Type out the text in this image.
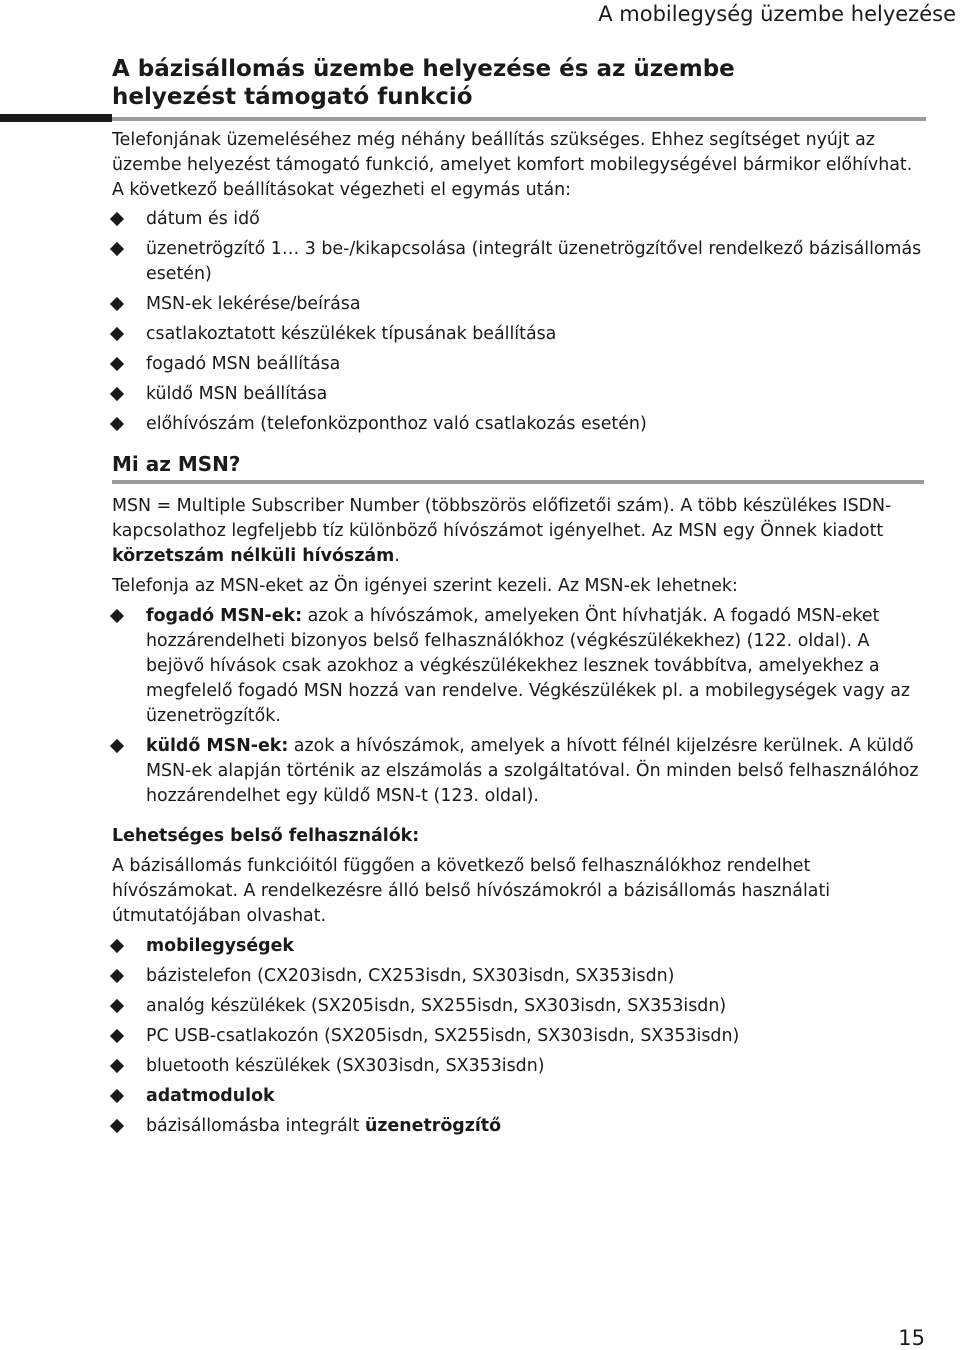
A mobilegység üzembe helyezése
A bázisállomás üzembe helyezése és az üzembe helyezést támogató funkció

Telefonjának üzemeléséhez még néhány beállítás szükséges. Ehhez segítséget nyújt az üzembe helyezést támogató funkció, amelyet komfort mobilegységével bármikor előhívhat. A következő beállításokat végezheti el egymás után:

dátum és idő
üzenetrögzítő 1… 3 be-/kikapcsolása (integrált üzenetrögzítővel rendelkező bázisállomás esetén)
MSN-ek lekérése/beírása
csatlakoztatott készülékek típusának beállítása
fogadó MSN beállítása
küldő MSN beállítása
előhívószám (telefonközponthoz való csatlakozás esetén)
Mi az MSN?

MSN = Multiple Subscriber Number (többszörös előfizetői szám). A több készülékes ISDN-kapcsolathoz legfeljebb tíz különböző hívószámot igényelhet. Az MSN egy Önnek kiadott körzetszám nélküli hívószám.

Telefonja az MSN-eket az Ön igényei szerint kezeli. Az MSN-ek lehetnek:

fogadó MSN-ek: azok a hívószámok, amelyeken Önt hívhatják. A fogadó MSN-eket hozzárendelheti bizonyos belső felhasználókhoz (végkészülékekhez) (122. oldal). A bejövő hívások csak azokhoz a végkészülékekhez lesznek továbbítva, amelyekhez a megfelelő fogadó MSN hozzá van rendelve. Végkészülékek pl. a mobilegységek vagy az üzenetrögzítők.
küldő MSN-ek: azok a hívószámok, amelyek a hívott félnél kijelzésre kerülnek. A küldő MSN-ek alapján történik az elszámolás a szolgáltatóval. Ön minden belső felhasználóhoz hozzárendelhet egy küldő MSN-t (123. oldal).

Lehetséges belső felhasználók:

A bázisállomás funkcióitól függően a következő belső felhasználókhoz rendelhet hívószámokat. A rendelkezésre álló belső hívószámokról a bázisállomás használati útmutatójában olvashat.

mobilegységek
bázistelefon (CX203isdn, CX253isdn, SX303isdn, SX353isdn)
analóg készülékek (SX205isdn, SX255isdn, SX303isdn, SX353isdn)
PC USB-csatlakozón (SX205isdn, SX255isdn, SX303isdn, SX353isdn)
bluetooth készülékek (SX303isdn, SX353isdn)
adatmodulok
bázisállomásba integrált üzenetrögzítő
15
